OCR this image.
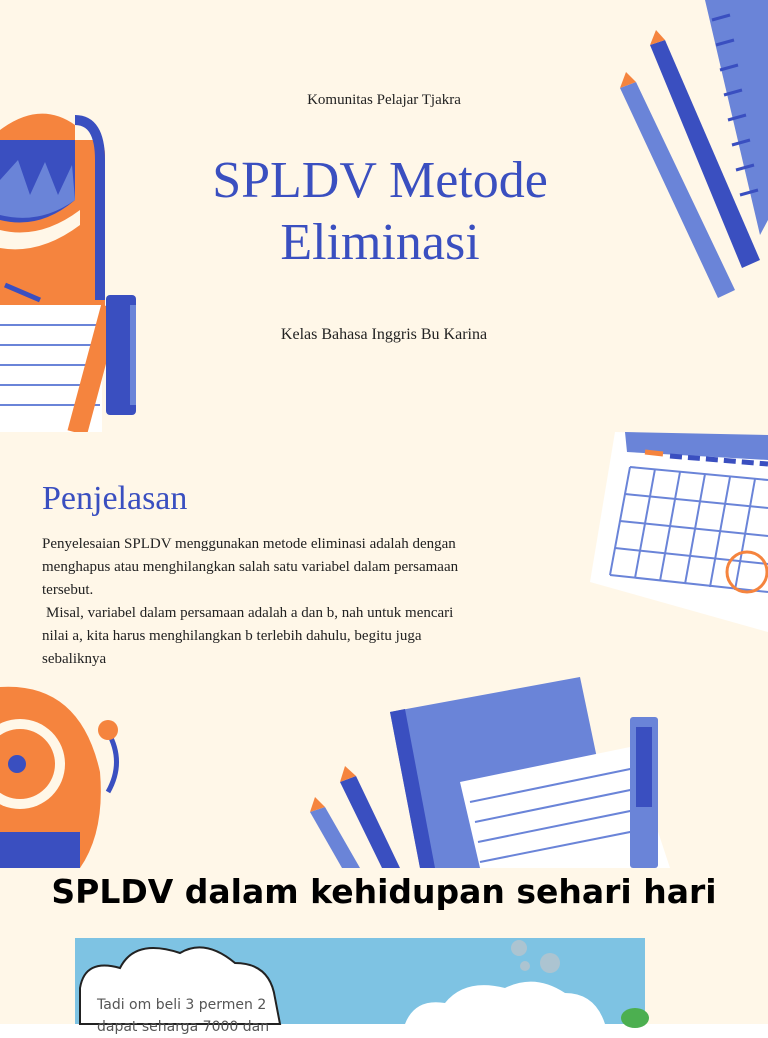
Komunitas Pelajar Tjakra
SPLDV Metode Eliminasi
Kelas Bahasa Inggris Bu Karina
Penjelasan

Penyelesaian SPLDV menggunakan metode eliminasi adalah dengan menghapus atau menghilangkan salah satu variabel dalam persamaan tersebut.

Misal, variabel dalam persamaan adalah a dan b, nah untuk mencari nilai a, kita harus menghilangkan b terlebih dahulu, begitu juga sebaliknya

SPLDV dalam kehidupan sehari hari

Tadi om beli 3 permen 2

dapat seharga 7000 dan
